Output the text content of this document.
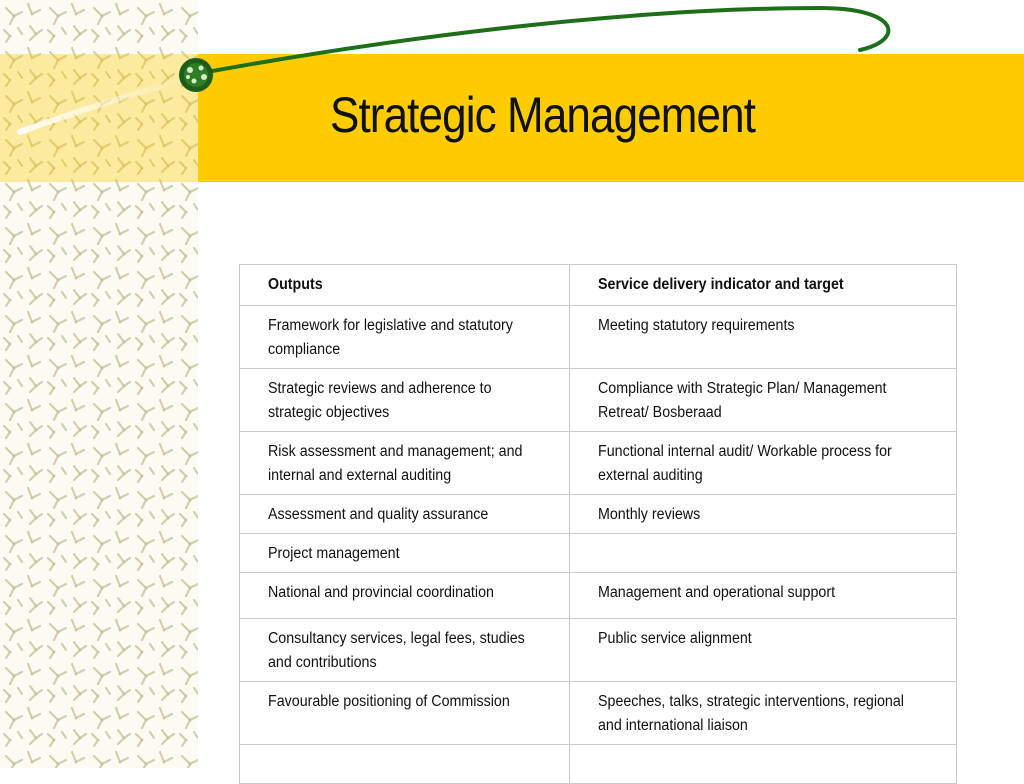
Strategic Management
Outputs	Service delivery indicator and target
Framework for legislative and statutory compliance	Meeting statutory requirements
Strategic reviews and adherence to strategic objectives	Compliance with Strategic Plan/ Management Retreat/ Bosberaad
Risk assessment and management; and internal and external auditing	Functional internal audit/ Workable process for external auditing
Assessment and quality assurance	Monthly reviews
Project management	
National and provincial coordination	Management and operational support
Consultancy services, legal fees, studies and contributions	Public service alignment
Favourable positioning of Commission	Speeches, talks, strategic interventions, regional and international liaison
